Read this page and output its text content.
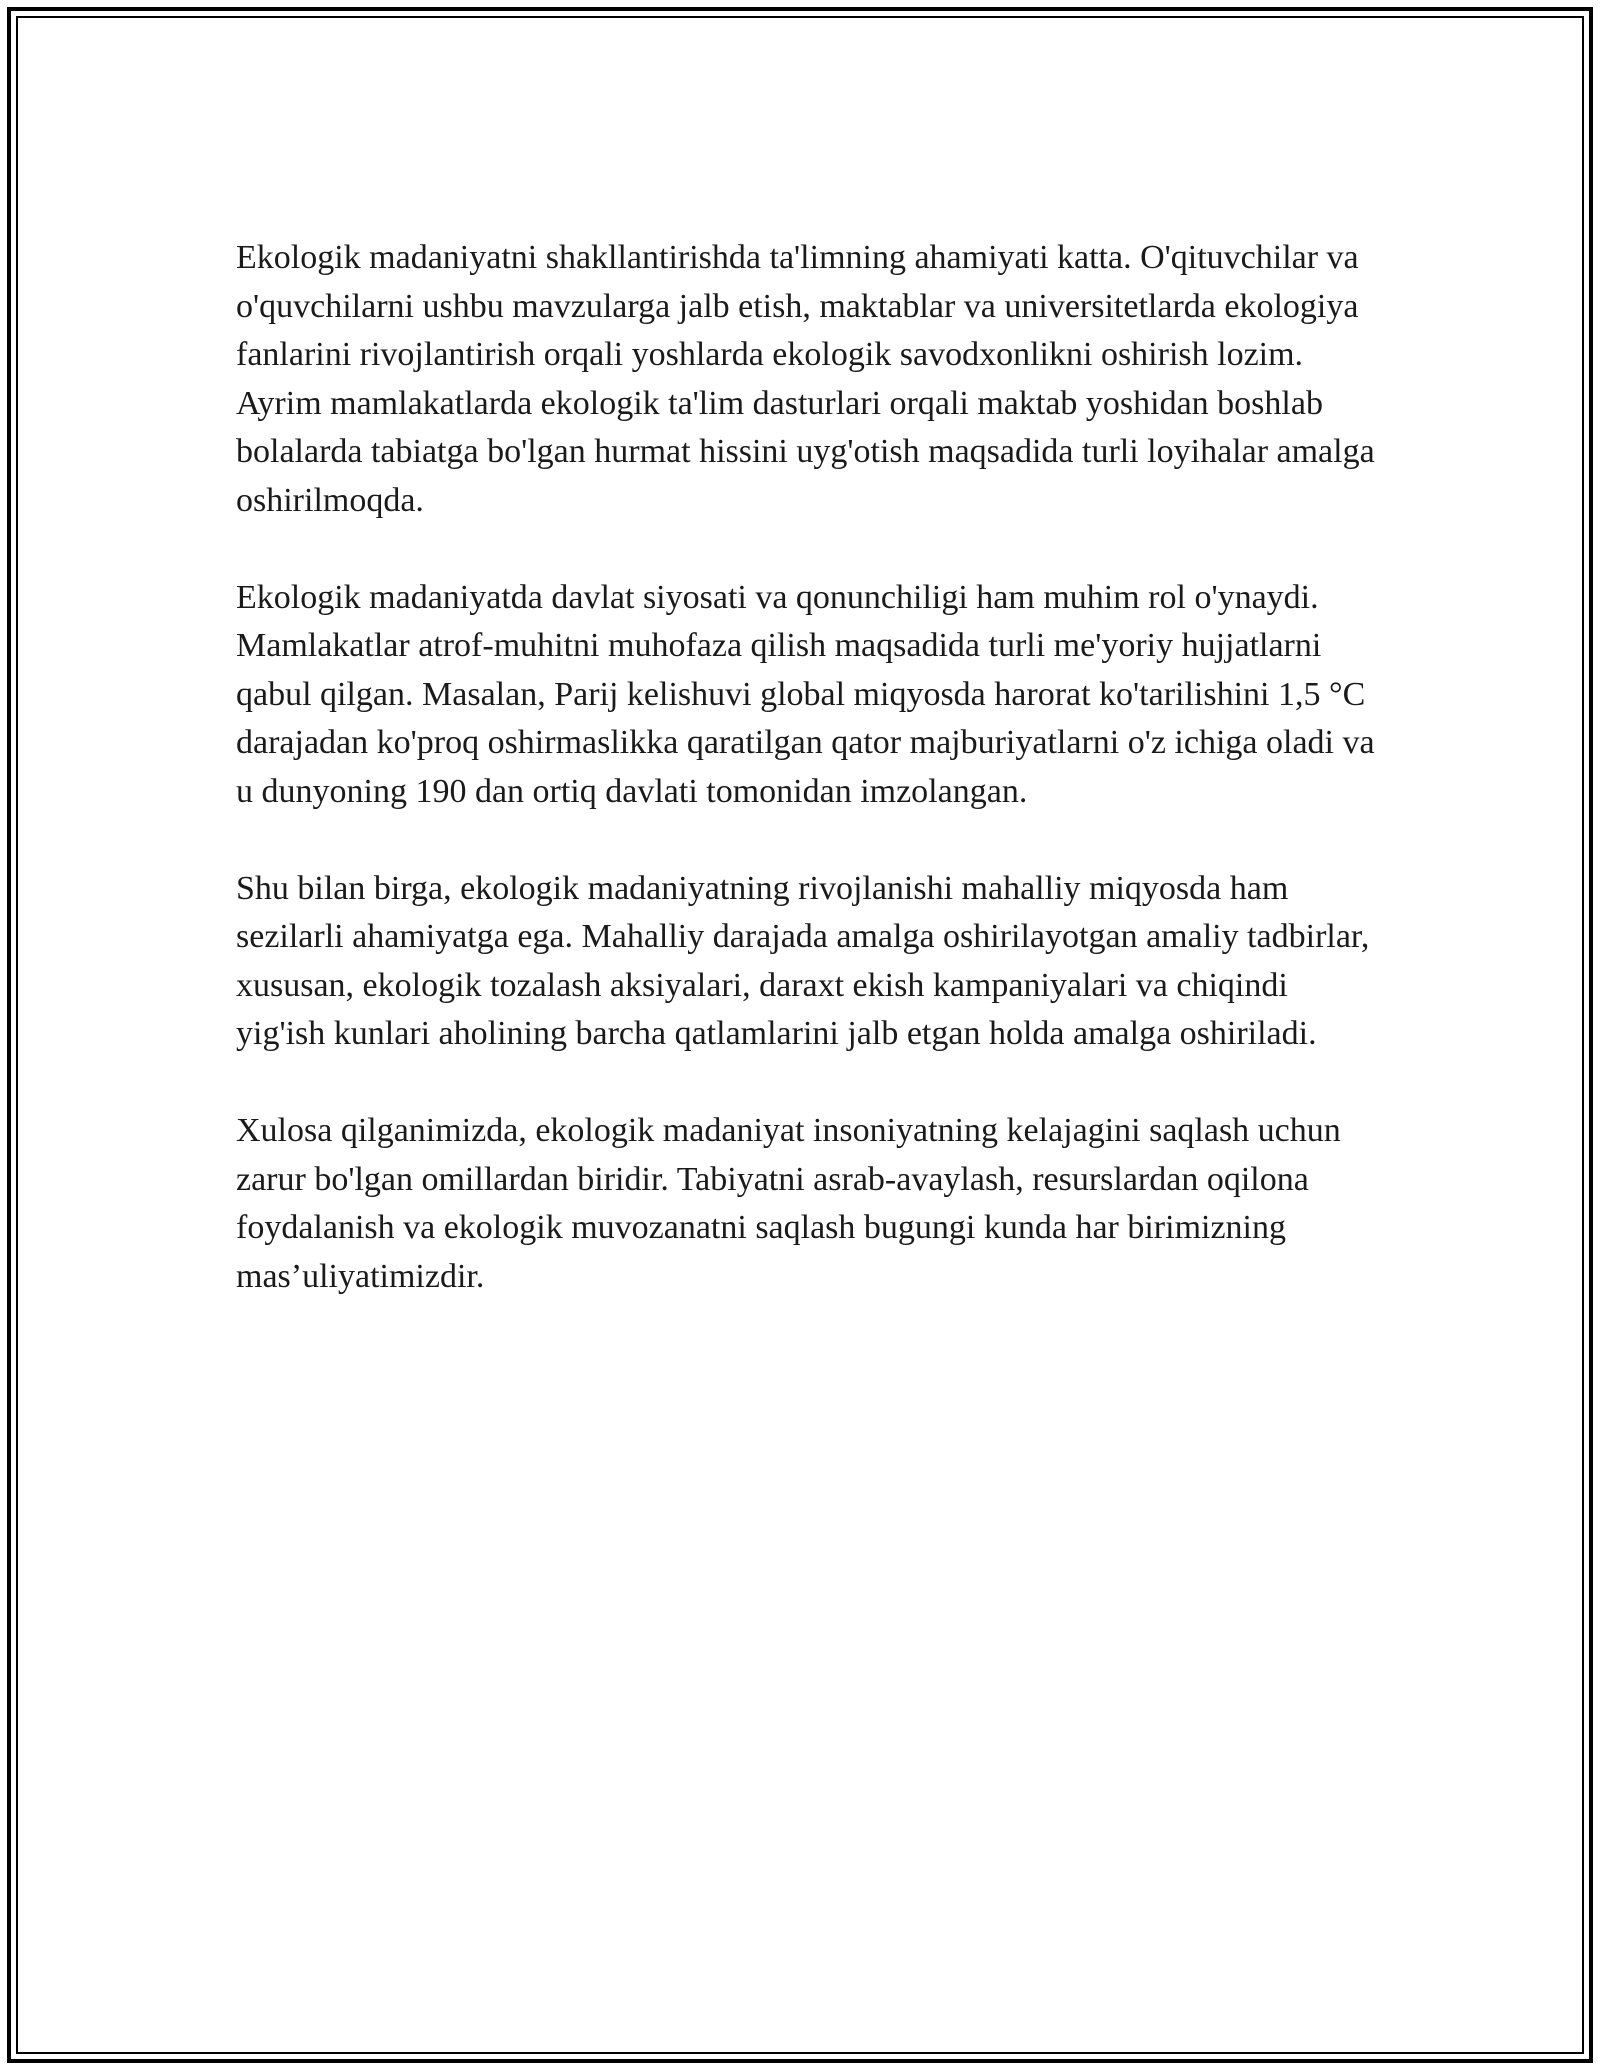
Ekologik madaniyatni shakllantirishda ta'limning ahamiyati katta. O'qituvchilar va o'quvchilarni ushbu mavzularga jalb etish, maktablar va universitetlarda ekologiya fanlarini rivojlantirish orqali yoshlarda ekologik savodxonlikni oshirish lozim. Ayrim mamlakatlarda ekologik ta'lim dasturlari orqali maktab yoshidan boshlab bolalarda tabiatga bo'lgan hurmat hissini uyg'otish maqsadida turli loyihalar amalga oshirilmoqda.

Ekologik madaniyatda davlat siyosati va qonunchiligi ham muhim rol o'ynaydi. Mamlakatlar atrof-muhitni muhofaza qilish maqsadida turli me'yoriy hujjatlarni qabul qilgan. Masalan, Parij kelishuvi global miqyosda harorat ko'tarilishini 1,5 °C darajadan ko'proq oshirmaslikka qaratilgan qator majburiyatlarni o'z ichiga oladi va u dunyoning 190 dan ortiq davlati tomonidan imzolangan.

Shu bilan birga, ekologik madaniyatning rivojlanishi mahalliy miqyosda ham sezilarli ahamiyatga ega. Mahalliy darajada amalga oshirilayotgan amaliy tadbirlar, xususan, ekologik tozalash aksiyalari, daraxt ekish kampaniyalari va chiqindi yig'ish kunlari aholining barcha qatlamlarini jalb etgan holda amalga oshiriladi.

Xulosa qilganimizda, ekologik madaniyat insoniyatning kelajagini saqlash uchun zarur bo'lgan omillardan biridir. Tabiyatni asrab-avaylash, resurslardan oqilona foydalanish va ekologik muvozanatni saqlash bugungi kunda har birimizning mas’uliyatimizdir.
